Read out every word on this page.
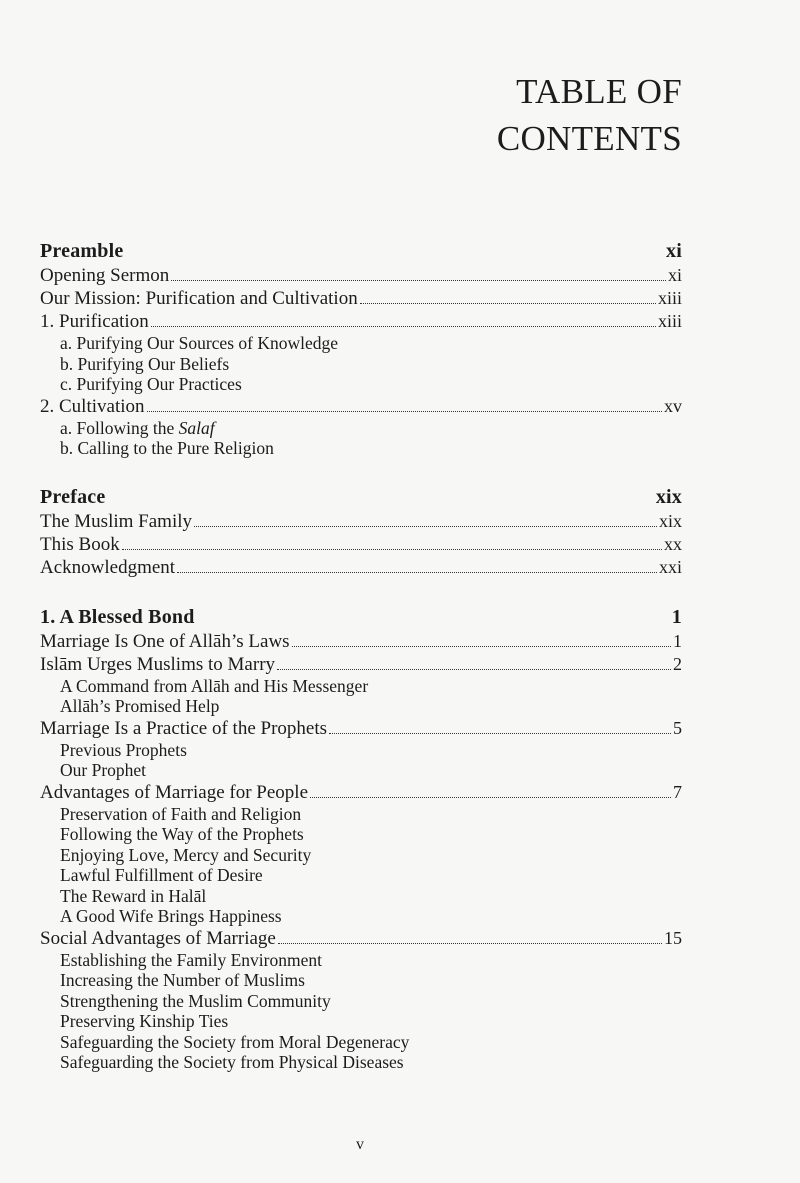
TABLE OF
CONTENTS
Preamble	xi
Opening Sermon	xi
Our Mission: Purification and Cultivation	xiii
1. Purification	xiii
a. Purifying Our Sources of Knowledge
b. Purifying Our Beliefs
c. Purifying Our Practices
2. Cultivation	xv
a. Following the Salaf
b. Calling to the Pure Religion
Preface	xix
The Muslim Family	xix
This Book	xx
Acknowledgment	xxi
1. A Blessed Bond	1
Marriage Is One of Allāh’s Laws	1
Islām Urges Muslims to Marry	2
A Command from Allāh and His Messenger
Allāh’s Promised Help
Marriage Is a Practice of the Prophets	5
Previous Prophets
Our Prophet
Advantages of Marriage for People	7
Preservation of Faith and Religion
Following the Way of the Prophets
Enjoying Love, Mercy and Security
Lawful Fulfillment of Desire
The Reward in Halāl
A Good Wife Brings Happiness
Social Advantages of Marriage	15
Establishing the Family Environment
Increasing the Number of Muslims
Strengthening the Muslim Community
Preserving Kinship Ties
Safeguarding the Society from Moral Degeneracy
Safeguarding the Society from Physical Diseases
v
